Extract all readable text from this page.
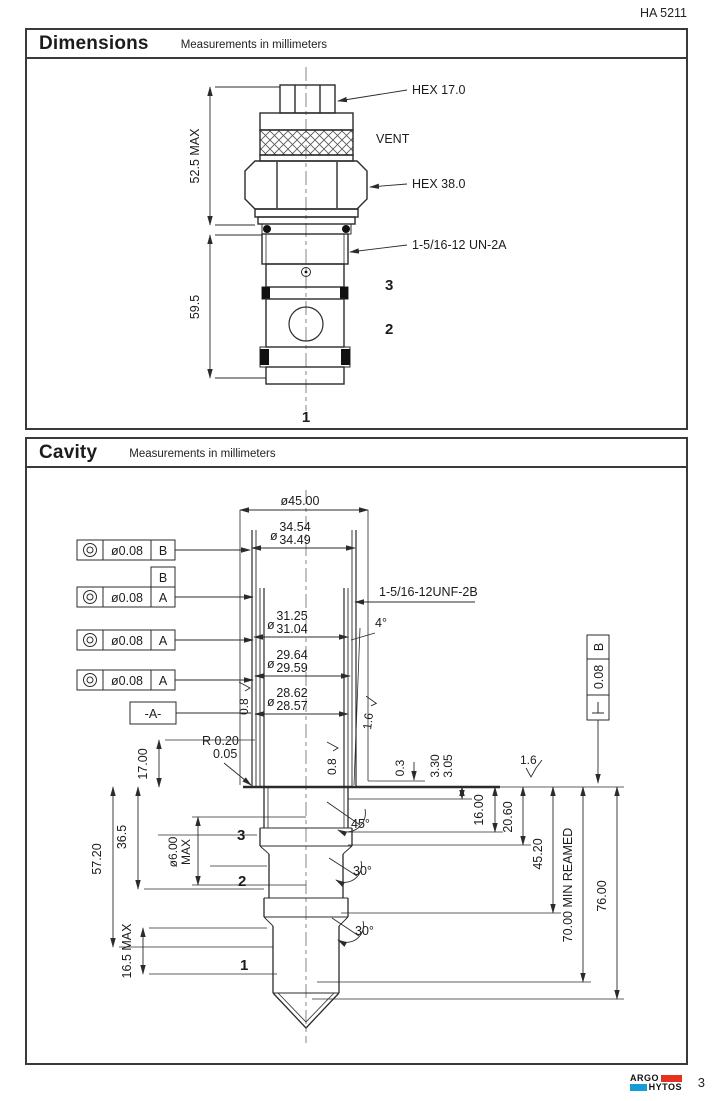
HA 5211
Dimensions	Measurements in millimeters
HEX 17.0
VENT
HEX 38.0
1-5/16-12 UN-2A
52.5 MAX
59.5
3
2
1
Cavity	Measurements in millimeters
ø45.00
34.54
34.49
ø
1-5/16-12UNF-2B
31.25
31.04
ø	4°
29.64
29.59
ø
28.62
28.57
ø
0.8
1.6
0.8	1.6
ø0.08 B
B
ø0.08 A
ø0.08 A
ø0.08 A
-A-
B
0.08
R 0.20
0.05
17.00	0.3 3.30 3.05
16.00 20.60
45.20 70.00 MIN REAMED 76.00
36.5
57.20	ø6.00 MAX
16.5 MAX
3
2
1
45°
30°
30°
ARGO
HYTOS 3
